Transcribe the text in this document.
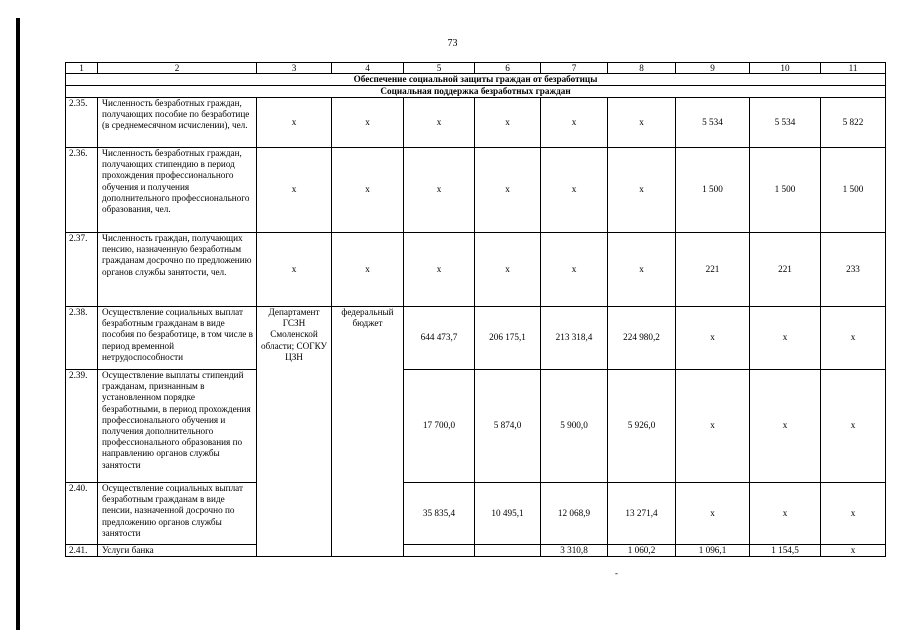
73
1	2	3	4	5	6	7	8	9	10	11	
Обеспечение социальной защиты граждан от безработицы											
Социальная поддержка безработных граждан											
2.35.	Численность безработных граждан, получающих пособие по безработице (в среднемесячном исчислении), чел.	x	x	x	x	x	x	5 534	5 534	5 822	
2.36.	Численность безработных граждан, получающих стипендию в период прохождения профессионального обучения и получения дополнительного профессионального образования, чел.	x	x	x	x	x	x	1 500	1 500	1 500	
2.37.	Численность граждан, получающих пенсию, назначенную безработным гражданам досрочно по предложению органов службы занятости, чел.	x	x	x	x	x	x	221	221	233	
2.38.	Осуществление социальных выплат безработным гражданам в виде пособия по безработице, в том числе в период временной нетрудоспособности	Департамент ГСЗН Смоленской области; СОГКУ ЦЗН	федеральный бюджет	644 473,7	206 175,1	213 318,4	224 980,2	x	x	x	
2.39.	Осуществление выплаты стипендий гражданам, признанным в установленном порядке безработными, в период прохождения профессионального обучения и получения дополнительного профессионального образования по направлению органов службы занятости			17 700,0	5 874,0	5 900,0	5 926,0	x	x	x	
2.40.	Осуществление социальных выплат безработным гражданам в виде пенсии, назначенной досрочно по предложению органов службы занятости			35 835,4	10 495,1	12 068,9	13 271,4	x	x	x	
2.41.	Услуги банка					3 310,8	1 060,2	1 096,1	1 154,5	x		
-
